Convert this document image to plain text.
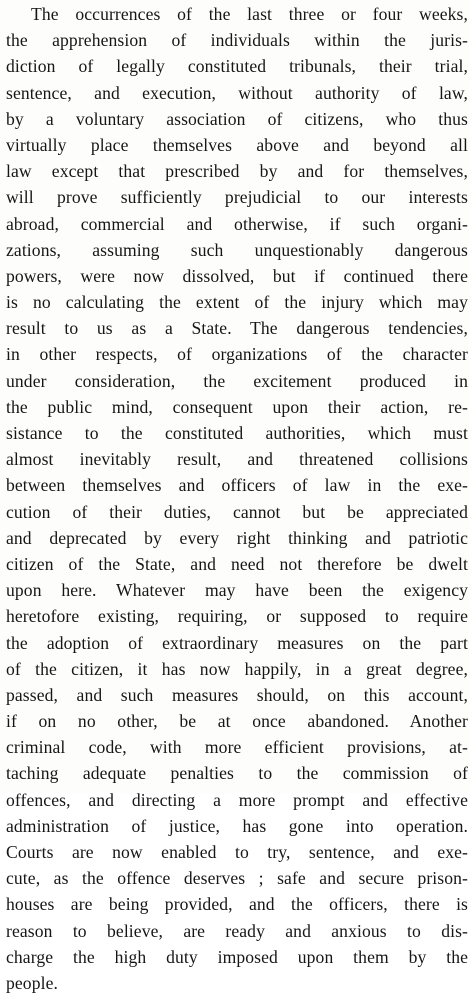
The occurrences of the last three or four weeks,
the apprehension of individuals within the juris-
diction of legally constituted tribunals, their trial,
sentence, and execution, without authority of law,
by a voluntary association of citizens, who thus
virtually place themselves above and beyond all
law except that prescribed by and for themselves,
will prove sufficiently prejudicial to our interests
abroad, commercial and otherwise, if such organi-
zations, assuming such unquestionably dangerous
powers, were now dissolved, but if continued there
is no calculating the extent of the injury which may
result to us as a State. The dangerous tendencies,
in other respects, of organizations of the character
under consideration, the excitement produced in
the public mind, consequent upon their action, re-
sistance to the constituted authorities, which must
almost inevitably result, and threatened collisions
between themselves and officers of law in the exe-
cution of their duties, cannot but be appreciated
and deprecated by every right thinking and patriotic
citizen of the State, and need not therefore be dwelt
upon here. Whatever may have been the exigency
heretofore existing, requiring, or supposed to require
the adoption of extraordinary measures on the part
of the citizen, it has now happily, in a great degree,
passed, and such measures should, on this account,
if on no other, be at once abandoned. Another
criminal code, with more efficient provisions, at-
taching adequate penalties to the commission of
offences, and directing a more prompt and effective
administration of justice, has gone into operation.
Courts are now enabled to try, sentence, and exe-
cute, as the offence deserves ; safe and secure prison-
houses are being provided, and the officers, there is
reason to believe, are ready and anxious to dis-
charge the high duty imposed upon them by the
people.
